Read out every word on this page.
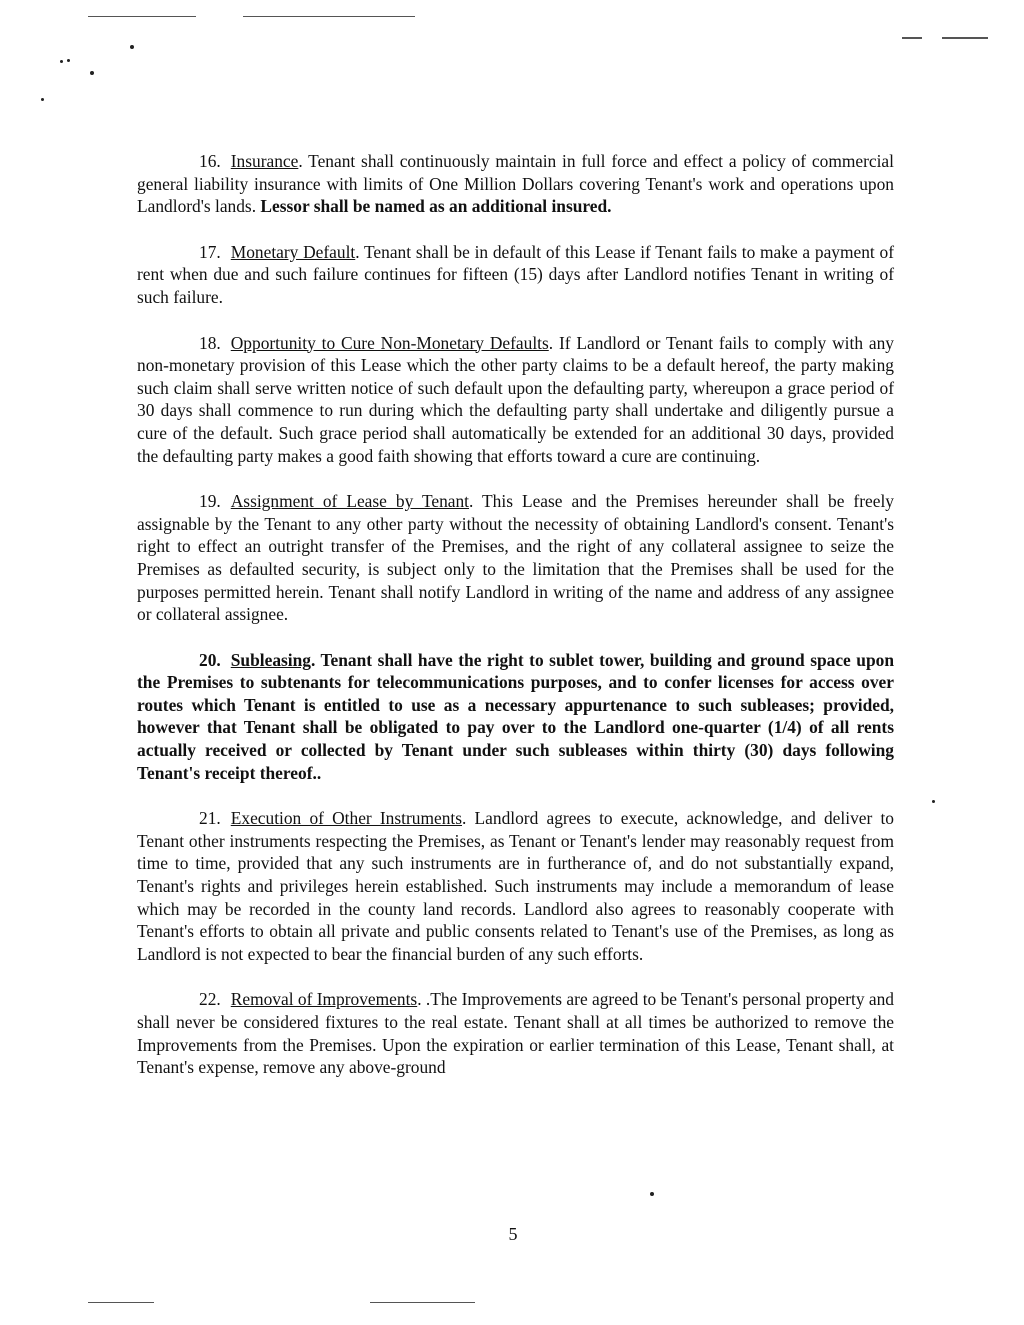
16. Insurance. Tenant shall continuously maintain in full force and effect a policy of commercial general liability insurance with limits of One Million Dollars covering Tenant's work and operations upon Landlord's lands. Lessor shall be named as an additional insured.

17. Monetary Default. Tenant shall be in default of this Lease if Tenant fails to make a payment of rent when due and such failure continues for fifteen (15) days after Landlord notifies Tenant in writing of such failure.

18. Opportunity to Cure Non-Monetary Defaults. If Landlord or Tenant fails to comply with any non-monetary provision of this Lease which the other party claims to be a default hereof, the party making such claim shall serve written notice of such default upon the defaulting party, whereupon a grace period of 30 days shall commence to run during which the defaulting party shall undertake and diligently pursue a cure of the default. Such grace period shall automatically be extended for an additional 30 days, provided the defaulting party makes a good faith showing that efforts toward a cure are continuing.

19. Assignment of Lease by Tenant. This Lease and the Premises hereunder shall be freely assignable by the Tenant to any other party without the necessity of obtaining Landlord's consent. Tenant's right to effect an outright transfer of the Premises, and the right of any collateral assignee to seize the Premises as defaulted security, is subject only to the limitation that the Premises shall be used for the purposes permitted herein. Tenant shall notify Landlord in writing of the name and address of any assignee or collateral assignee.

20. Subleasing. Tenant shall have the right to sublet tower, building and ground space upon the Premises to subtenants for telecommunications purposes, and to confer licenses for access over routes which Tenant is entitled to use as a necessary appurtenance to such subleases; provided, however that Tenant shall be obligated to pay over to the Landlord one-quarter (1/4) of all rents actually received or collected by Tenant under such subleases within thirty (30) days following Tenant's receipt thereof..

21. Execution of Other Instruments. Landlord agrees to execute, acknowledge, and deliver to Tenant other instruments respecting the Premises, as Tenant or Tenant's lender may reasonably request from time to time, provided that any such instruments are in furtherance of, and do not substantially expand, Tenant's rights and privileges herein established. Such instruments may include a memorandum of lease which may be recorded in the county land records. Landlord also agrees to reasonably cooperate with Tenant's efforts to obtain all private and public consents related to Tenant's use of the Premises, as long as Landlord is not expected to bear the financial burden of any such efforts.

22. Removal of Improvements. .The Improvements are agreed to be Tenant's personal property and shall never be considered fixtures to the real estate. Tenant shall at all times be authorized to remove the Improvements from the Premises. Upon the expiration or earlier termination of this Lease, Tenant shall, at Tenant's expense, remove any above-ground

5
